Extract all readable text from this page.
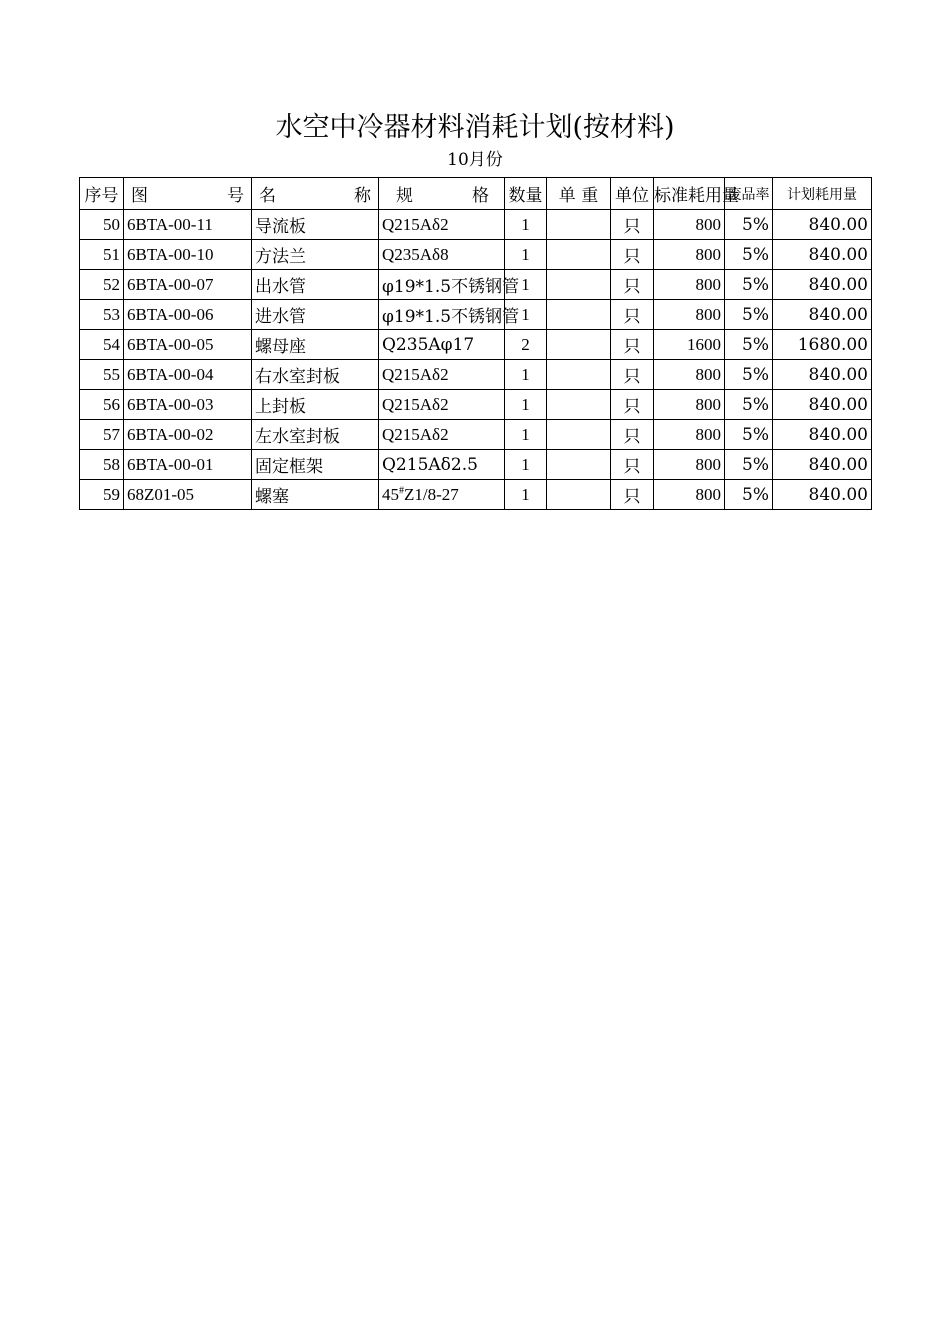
水空中冷器材料消耗计划(按材料)
10月份
序号	图 号	名 称	规 格	数量	单 重	单位	标准耗用量	废品率	计划耗用量
50	6BTA-00-11	导流板	Q215Aδ2	1		只	800	5%	840.00
51	6BTA-00-10	方法兰	Q235Aδ8	1		只	800	5%	840.00
52	6BTA-00-07	出水管	φ19*1.5不锈钢管	1		只	800	5%	840.00
53	6BTA-00-06	进水管	φ19*1.5不锈钢管	1		只	800	5%	840.00
54	6BTA-00-05	螺母座	Q235Aφ17	2		只	1600	5%	1680.00
55	6BTA-00-04	右水室封板	Q215Aδ2	1		只	800	5%	840.00
56	6BTA-00-03	上封板	Q215Aδ2	1		只	800	5%	840.00
57	6BTA-00-02	左水室封板	Q215Aδ2	1		只	800	5%	840.00
58	6BTA-00-01	固定框架	Q215Aδ2.5	1		只	800	5%	840.00
59	68Z01-05	螺塞	45#Z1/8-27	1		只	800	5%	840.00
